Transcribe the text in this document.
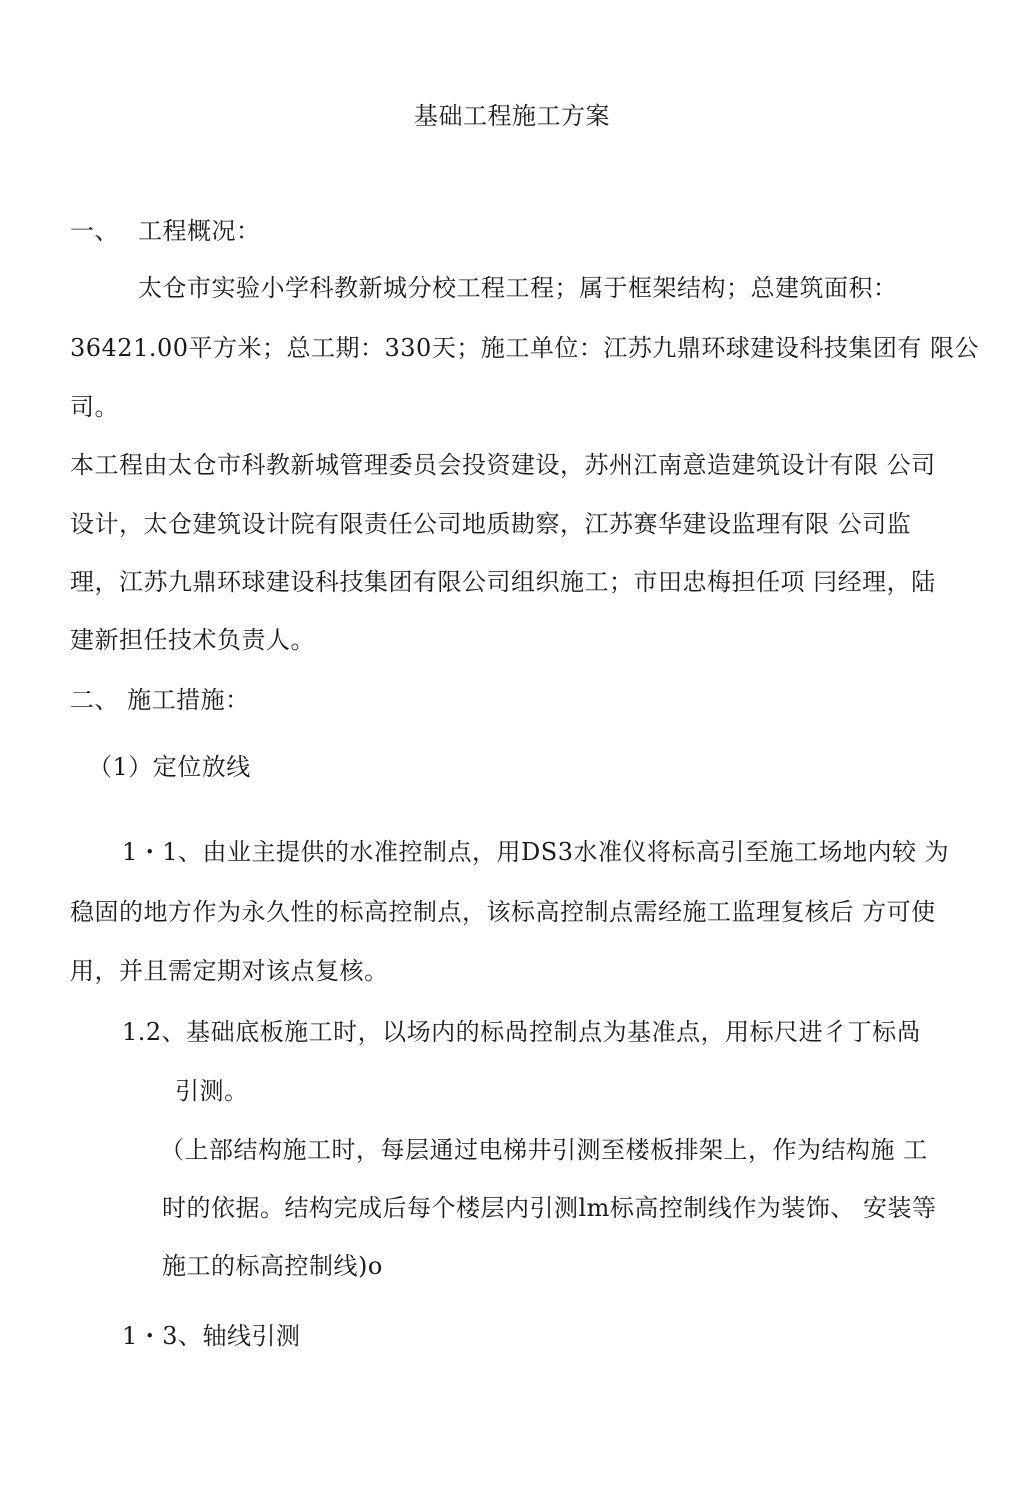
基础工程施工方案
一、 工程概况：
太仓市实验小学科教新城分校工程工程；属于框架结构；总建筑面积：
36421.00平方米；总工期：330天；施工单位：江苏九鼎环球建设科技集团有 限公
司。
本工程由太仓市科教新城管理委员会投资建设，苏州江南意造建筑设计有限 公司
设计，太仓建筑设计院有限责任公司地质勘察，江苏赛华建设监理有限 公司监
理，江苏九鼎环球建设科技集团有限公司组织施工；市田忠梅担任项 冃经理，陆
建新担任技术负责人。
二、 施工措施：
（1）定位放线
1・1、由业主提供的水准控制点，用DS3水准仪将标高引至施工场地内较 为
稳固的地方作为永久性的标高控制点，该标高控制点需经施工监理复核后 方可使
用，并且需定期对该点复核。
1.2、基础底板施工时，以场内的标咼控制点为基准点，用标尺进彳丁标咼
引测。
（上部结构施工时，每层通过电梯井引测至楼板排架上，作为结构施 工
时的依据。结构完成后每个楼层内引测lm标高控制线作为装饰、 安装等
施工的标高控制线)o
1・3、轴线引测
